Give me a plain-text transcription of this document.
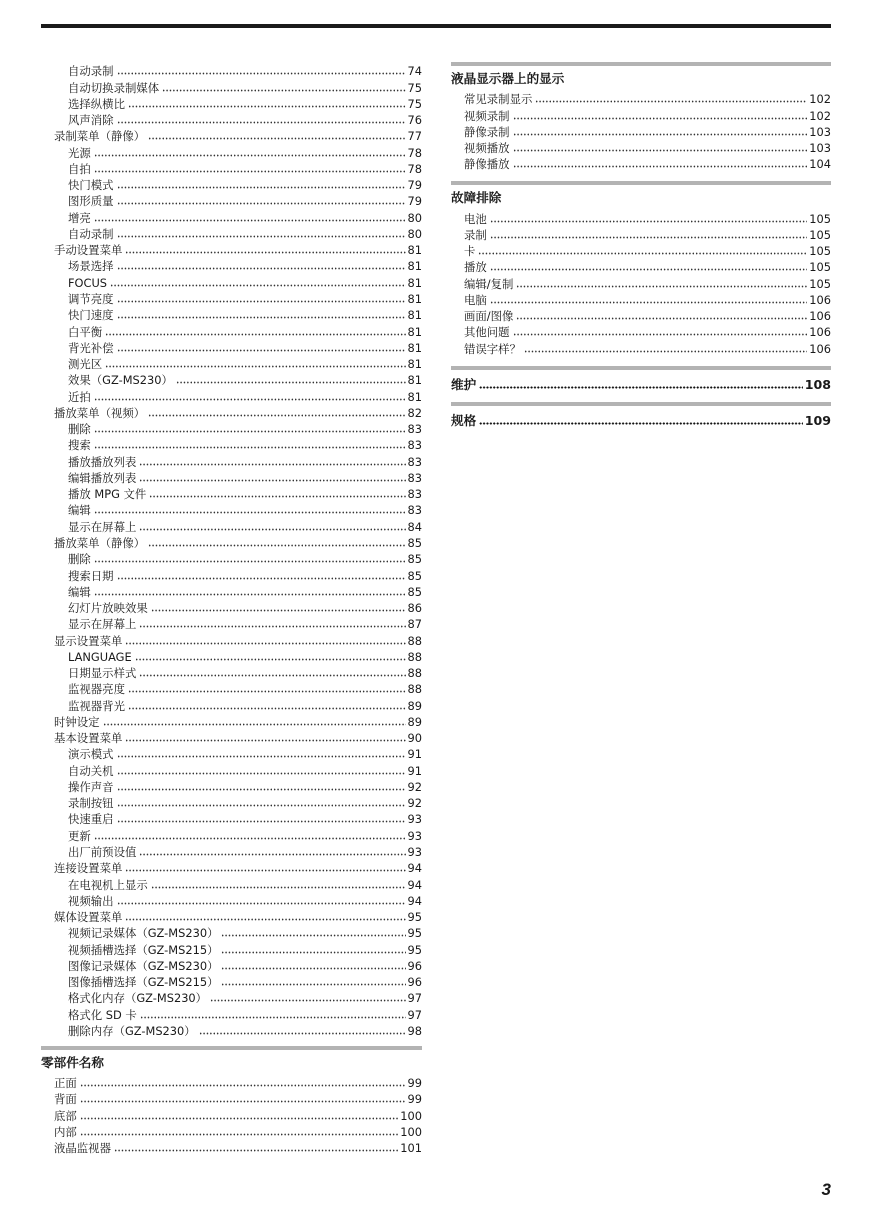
自动录制	74
自动切换录制媒体	75
选择纵横比	75
风声消除	76
录制菜单（静像）	77
光源	78
自拍	78
快门模式	79
图形质量	79
增亮	80
自动录制	80
手动设置菜单	81
场景选择	81
FOCUS	81
调节亮度	81
快门速度	81
白平衡	81
背光补偿	81
测光区	81
效果（GZ-MS230）	81
近拍	81
播放菜单（视频）	82
删除	83
搜索	83
播放播放列表	83
编辑播放列表	83
播放 MPG 文件	83
编辑	83
显示在屏幕上	84
播放菜单（静像）	85
删除	85
搜索日期	85
编辑	85
幻灯片放映效果	86
显示在屏幕上	87
显示设置菜单	88
LANGUAGE	88
日期显示样式	88
监视器亮度	88
监视器背光	89
时钟设定	89
基本设置菜单	90
演示模式	91
自动关机	91
操作声音	92
录制按钮	92
快速重启	93
更新	93
出厂前预设值	93
连接设置菜单	94
在电视机上显示	94
视频输出	94
媒体设置菜单	95
视频记录媒体（GZ-MS230）	95
视频插槽选择（GZ-MS215）	95
图像记录媒体（GZ-MS230）	96
图像插槽选择（GZ-MS215）	96
格式化内存（GZ-MS230）	97
格式化 SD 卡	97
删除内存（GZ-MS230）	98
零部件名称
正面	99
背面	99
底部	100
内部	100
液晶监视器	101
液晶显示器上的显示
常见录制显示	102
视频录制	102
静像录制	103
视频播放	103
静像播放	104
故障排除
电池	105
录制	105
卡	105
播放	105
编辑/复制	105
电脑	106
画面/图像	106
其他问题	106
错误字样？	106
维护	108
规格	109
3
